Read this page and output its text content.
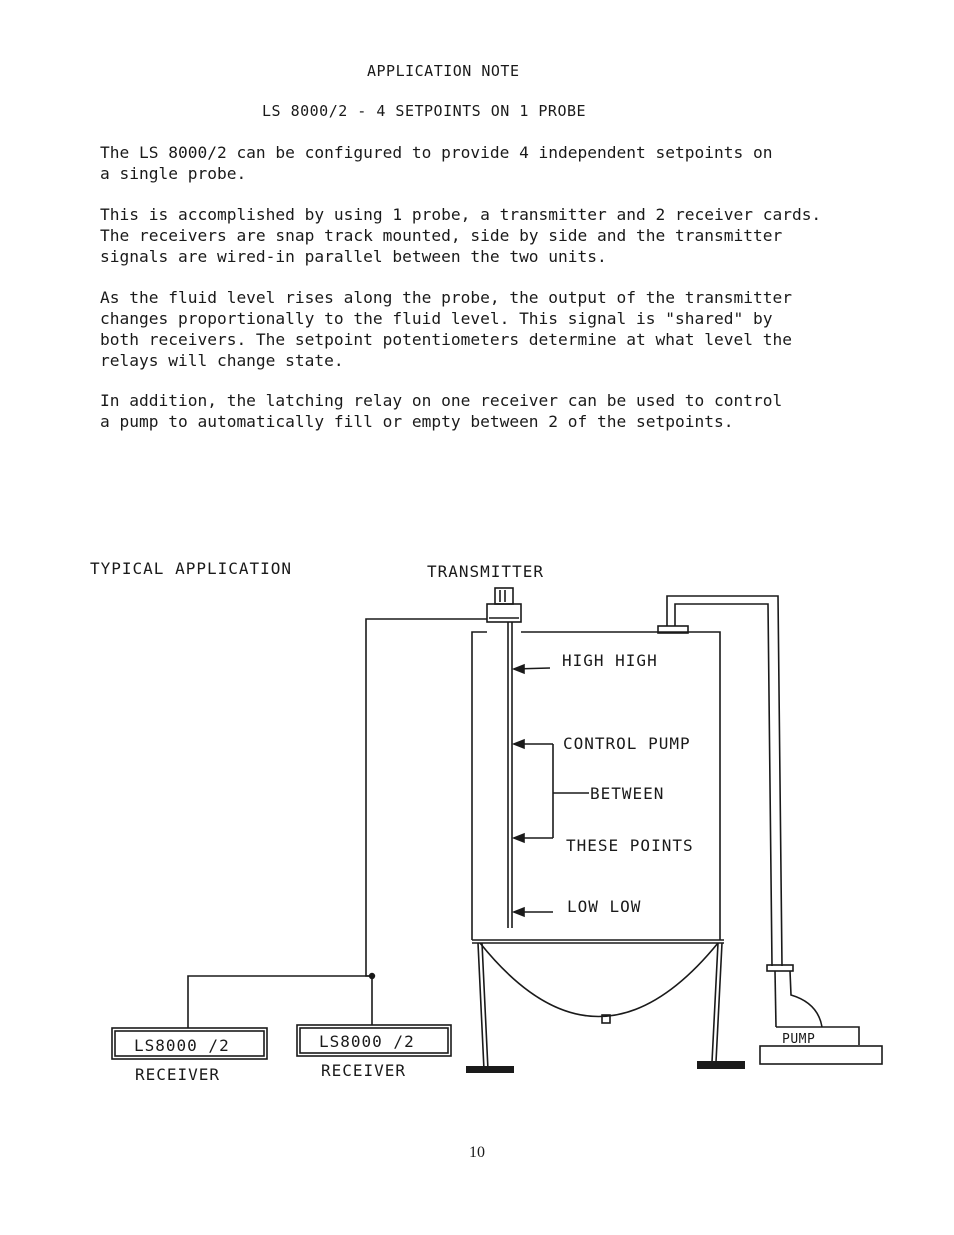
APPLICATION NOTE
LS 8000/2 - 4 SETPOINTS ON 1 PROBE

The LS 8000/2 can be configured to provide 4 independent setpoints on
a single probe.

This is accomplished by using 1 probe, a transmitter and 2 receiver cards.
The receivers are snap track mounted, side by side and the transmitter
signals are wired-in parallel between the two units.

As the fluid level rises along the probe, the output of the transmitter
changes proportionally to the fluid level. This signal is "shared" by
both receivers. The setpoint potentiometers determine at what level the
relays will change state.

In addition, the latching relay on one receiver can be used to control
a pump to automatically fill or empty between 2 of the setpoints.

TYPICAL APPLICATION	TRANSMITTER
HIGH HIGH
CONTROL PUMP
BETWEEN
THESE POINTS
LOW LOW
LS8000 /2
RECEIVER
LS8000 /2
RECEIVER
PUMP
10
